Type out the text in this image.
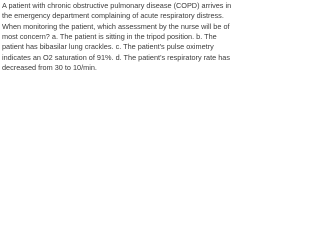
A patient with chronic obstructive pulmonary disease (COPD) arrives in the emergency department complaining of acute respiratory distress. When monitoring the patient, which assessment by the nurse will be of most concern? a. The patient is sitting in the tripod position. b. The patient has bibasilar lung crackles. c. The patient's pulse oximetry indicates an O2 saturation of 91%. d. The patient's respiratory rate has decreased from 30 to 10/min.
